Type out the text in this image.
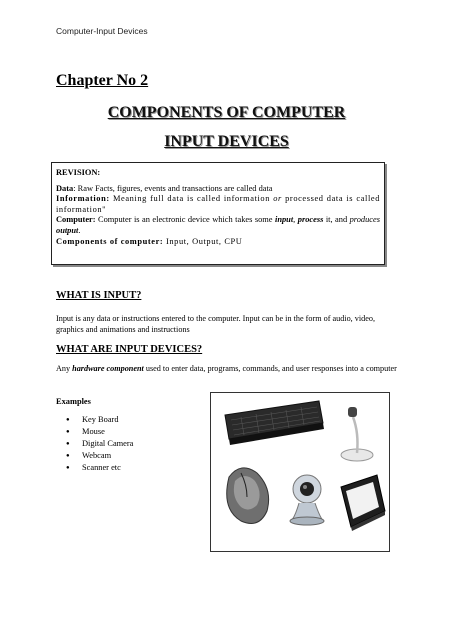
Computer-Input Devices
Chapter No 2
COMPONENTS OF COMPUTER
INPUT DEVICES

REVISION:

Data: Raw Facts, figures, events and transactions are called data

Information: Meaning full data is called information or processed data is called information"

Computer: Computer is an electronic device which takes some input, process it, and produces output.

Components of computer: Input, Output, CPU

WHAT IS INPUT?
Input is any data or instructions entered to the computer. Input can be in the form of audio, video, graphics and animations and instructions
WHAT ARE INPUT DEVICES?
Any hardware component used to enter data, programs, commands, and user responses into a computer
Examples
● Key Board
● Mouse
● Digital Camera
● Webcam
● Scanner etc
